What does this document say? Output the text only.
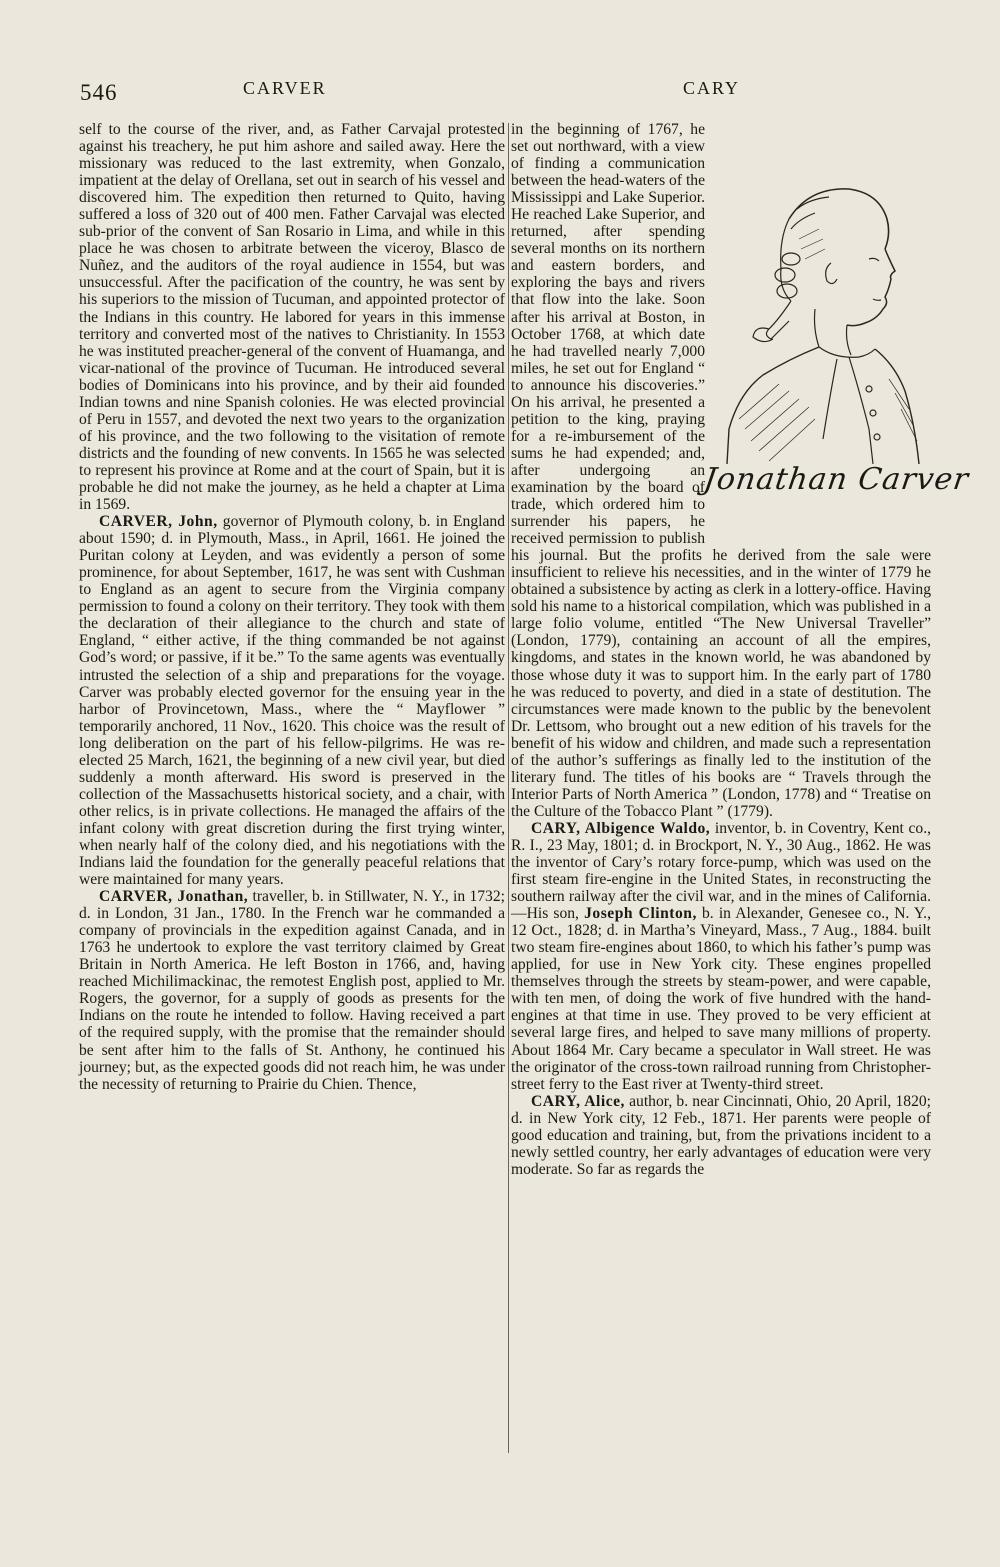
546	CARVER	CARY

self to the course of the river, and, as Father Carvajal protested against his treachery, he put him ashore and sailed away. Here the missionary was reduced to the last extremity, when Gonzalo, impatient at the delay of Orellana, set out in search of his vessel and discovered him. The expedition then returned to Quito, having suffered a loss of 320 out of 400 men. Father Carvajal was elected sub-prior of the convent of San Rosario in Lima, and while in this place he was chosen to arbitrate between the viceroy, Blasco de Nuñez, and the auditors of the royal audience in 1554, but was unsuccessful. After the pacification of the country, he was sent by his superiors to the mission of Tucuman, and appointed protector of the Indians in this country. He labored for years in this immense territory and converted most of the natives to Christianity. In 1553 he was instituted preacher-general of the convent of Huamanga, and vicar-national of the province of Tucuman. He introduced several bodies of Dominicans into his province, and by their aid founded Indian towns and nine Spanish colonies. He was elected provincial of Peru in 1557, and devoted the next two years to the organization of his province, and the two following to the visitation of remote districts and the founding of new convents. In 1565 he was selected to represent his province at Rome and at the court of Spain, but it is probable he did not make the journey, as he held a chapter at Lima in 1569.

CARVER, John, governor of Plymouth colony, b. in England about 1590; d. in Plymouth, Mass., in April, 1661. He joined the Puritan colony at Leyden, and was evidently a person of some prominence, for about September, 1617, he was sent with Cushman to England as an agent to secure from the Virginia company permission to found a colony on their territory. They took with them the declaration of their allegiance to the church and state of England, “ either active, if the thing commanded be not against God’s word; or passive, if it be.” To the same agents was eventually intrusted the selection of a ship and preparations for the voyage. Carver was probably elected governor for the ensuing year in the harbor of Provincetown, Mass., where the “ Mayflower ” temporarily anchored, 11 Nov., 1620. This choice was the result of long deliberation on the part of his fellow-pilgrims. He was re-elected 25 March, 1621, the beginning of a new civil year, but died suddenly a month afterward. His sword is preserved in the collection of the Massachusetts historical society, and a chair, with other relics, is in private collections. He managed the affairs of the infant colony with great discretion during the first trying winter, when nearly half of the colony died, and his negotiations with the Indians laid the foundation for the generally peaceful relations that were maintained for many years.

CARVER, Jonathan, traveller, b. in Stillwater, N. Y., in 1732; d. in London, 31 Jan., 1780. In the French war he commanded a company of provincials in the expedition against Canada, and in 1763 he undertook to explore the vast territory claimed by Great Britain in North America. He left Boston in 1766, and, having reached Michilimackinac, the remotest English post, applied to Mr. Rogers, the governor, for a supply of goods as presents for the Indians on the route he intended to follow. Having received a part of the required supply, with the promise that the remainder should be sent after him to the falls of St. Anthony, he continued his journey; but, as the expected goods did not reach him, he was under the necessity of returning to Prairie du Chien. Thence,

Jonathan Carver

in the beginning of 1767, he set out northward, with a view of finding a communication between the head-waters of the Mississippi and Lake Superior. He reached Lake Superior, and returned, after spending several months on its northern and eastern borders, and exploring the bays and rivers that flow into the lake. Soon after his arrival at Boston, in October 1768, at which date he had travelled nearly 7,000 miles, he set out for England “ to announce his discoveries.” On his arrival, he presented a petition to the king, praying for a re-imbursement of the sums he had expended; and, after undergoing an examination by the board of trade, which ordered him to surrender his papers, he received permission to publish his journal. But the profits he derived from the sale were insufficient to relieve his necessities, and in the winter of 1779 he obtained a subsistence by acting as clerk in a lottery-office. Having sold his name to a historical compilation, which was published in a large folio volume, entitled “The New Universal Traveller” (London, 1779), containing an account of all the empires, kingdoms, and states in the known world, he was abandoned by those whose duty it was to support him. In the early part of 1780 he was reduced to poverty, and died in a state of destitution. The circumstances were made known to the public by the benevolent Dr. Lettsom, who brought out a new edition of his travels for the benefit of his widow and children, and made such a representation of the author’s sufferings as finally led to the institution of the literary fund. The titles of his books are “ Travels through the Interior Parts of North America ” (London, 1778) and “ Treatise on the Culture of the Tobacco Plant ” (1779).

CARY, Albigence Waldo, inventor, b. in Coventry, Kent co., R. I., 23 May, 1801; d. in Brockport, N. Y., 30 Aug., 1862. He was the inventor of Cary’s rotary force-pump, which was used on the first steam fire-engine in the United States, in reconstructing the southern railway after the civil war, and in the mines of California.—His son, Joseph Clinton, b. in Alexander, Genesee co., N. Y., 12 Oct., 1828; d. in Martha’s Vineyard, Mass., 7 Aug., 1884. built two steam fire-engines about 1860, to which his father’s pump was applied, for use in New York city. These engines propelled themselves through the streets by steam-power, and were capable, with ten men, of doing the work of five hundred with the hand-engines at that time in use. They proved to be very efficient at several large fires, and helped to save many millions of property. About 1864 Mr. Cary became a speculator in Wall street. He was the originator of the cross-town railroad running from Christopher-street ferry to the East river at Twenty-third street.

CARY, Alice, author, b. near Cincinnati, Ohio, 20 April, 1820; d. in New York city, 12 Feb., 1871. Her parents were people of good education and training, but, from the privations incident to a newly settled country, her early advantages of education were very moderate. So far as regards the
